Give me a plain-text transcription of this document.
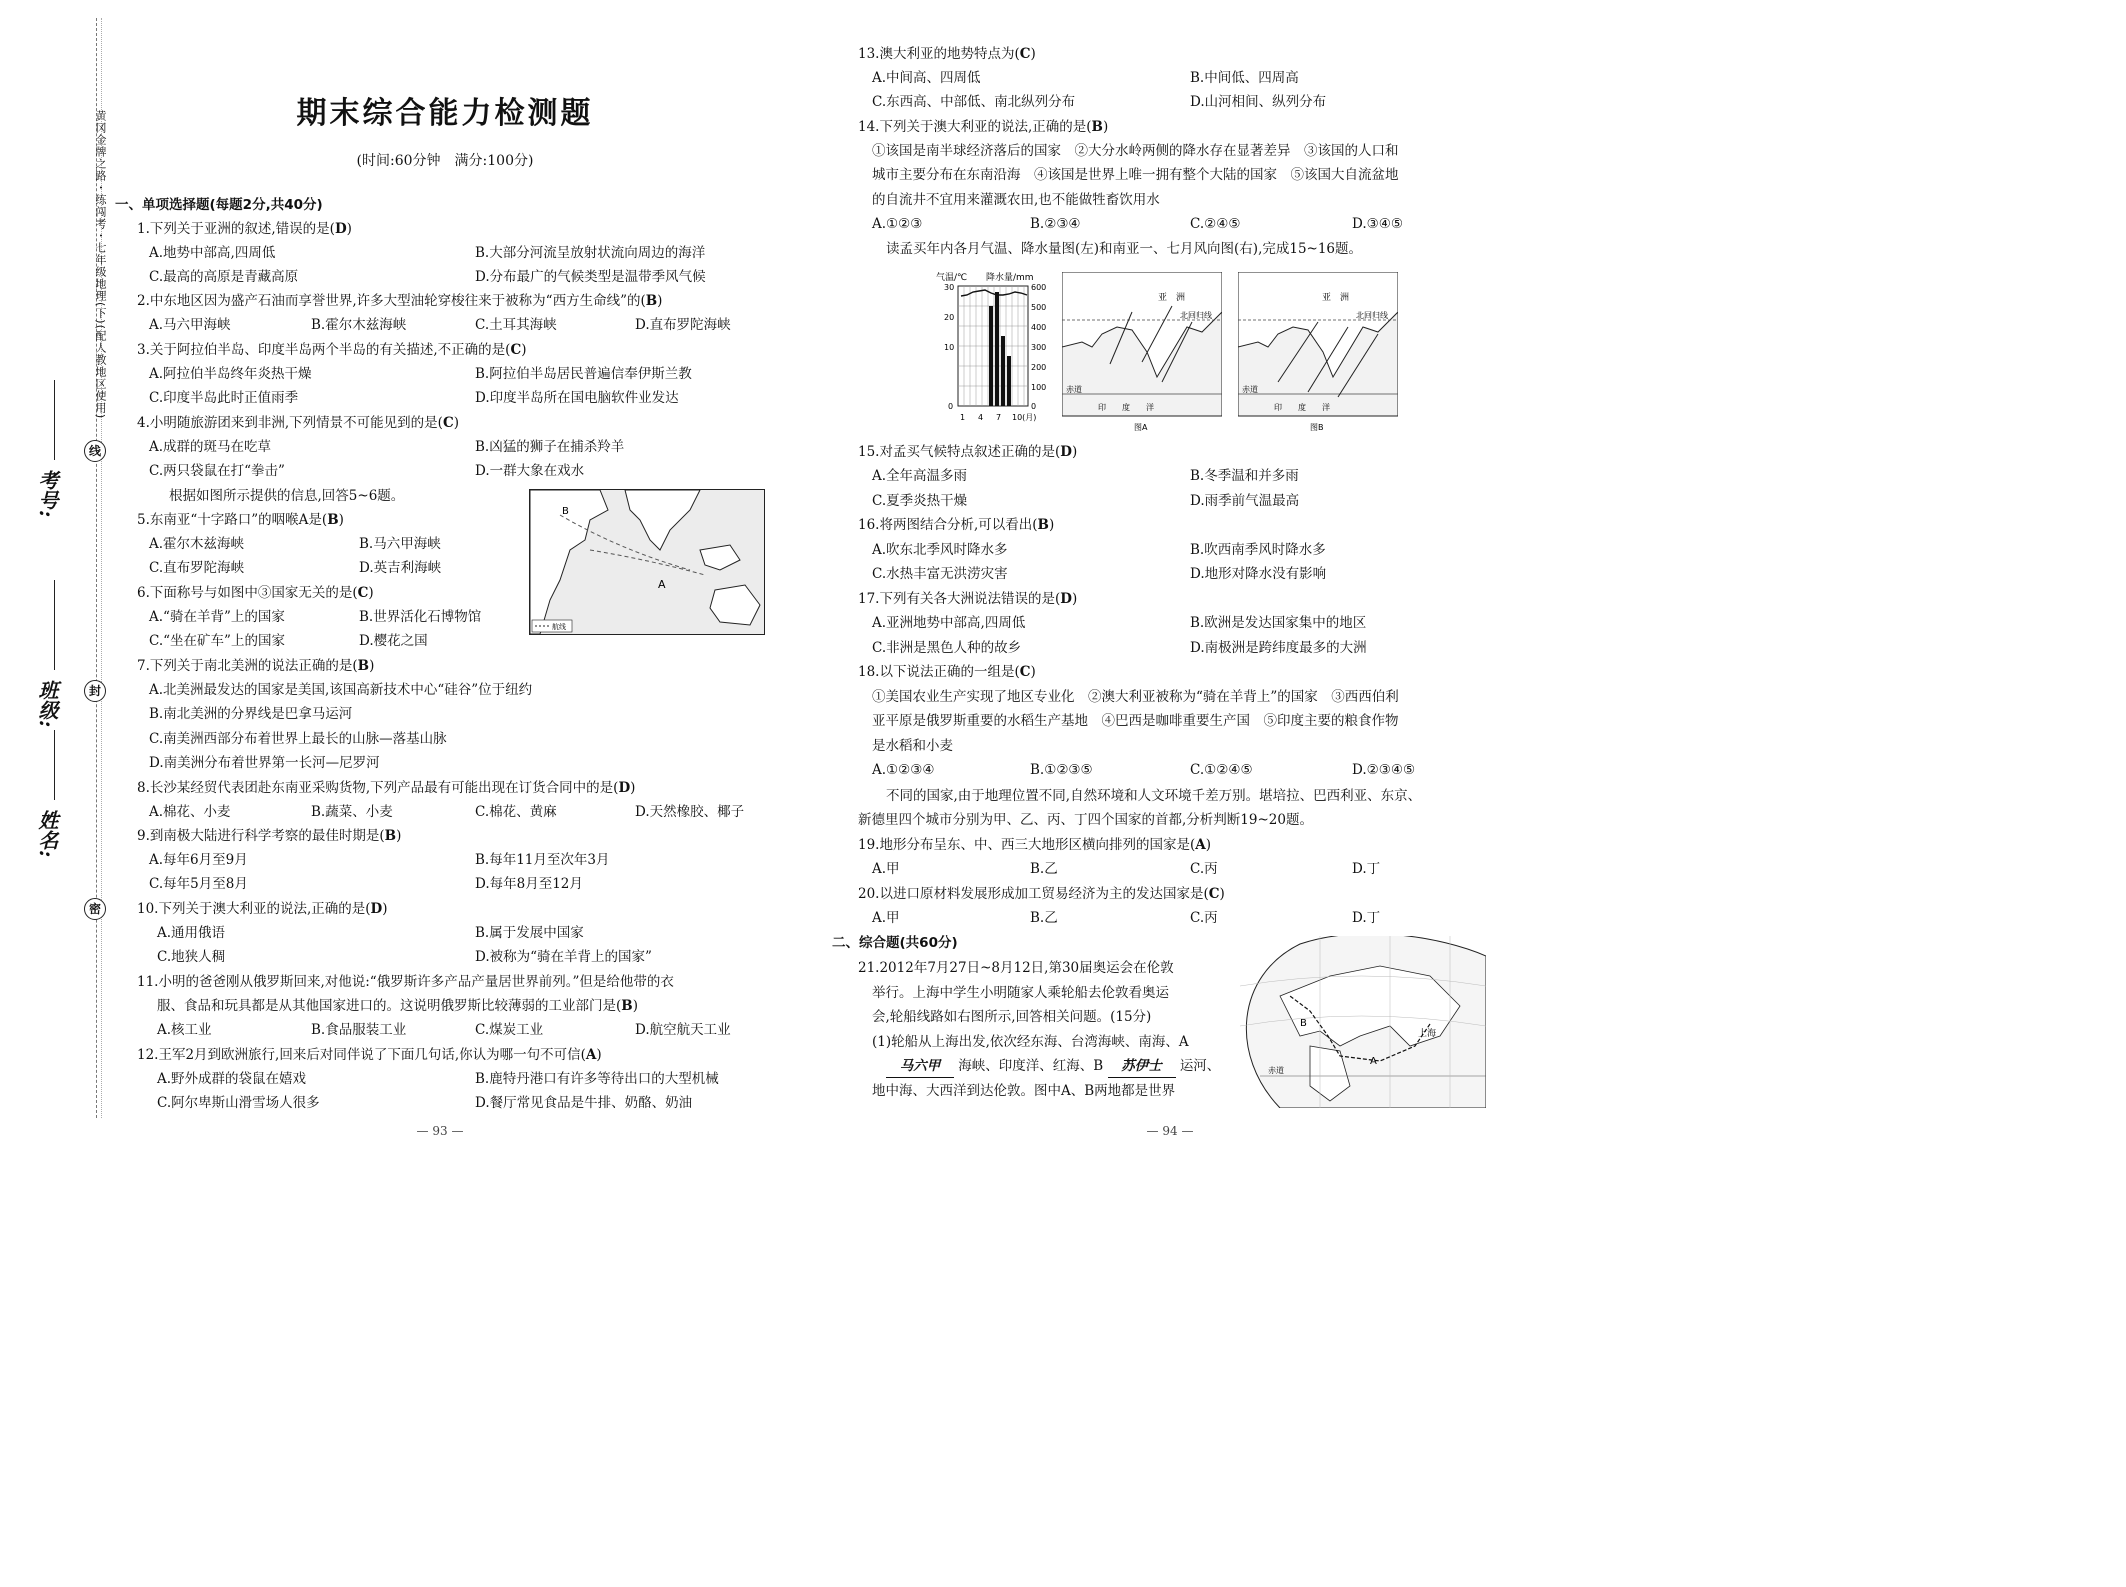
黄冈金牌之路・练闯考・七年级地理(下)(配人教地区使用)
线
封
密
考号:
班级:
姓名:
期末综合能力检测题
(时间:60分钟　满分:100分)
一、单项选择题(每题2分,共40分)
1.下列关于亚洲的叙述,错误的是(D)
A.地势中部高,四周低	B.大部分河流呈放射状流向周边的海洋
C.最高的高原是青藏高原	D.分布最广的气候类型是温带季风气候
2.中东地区因为盛产石油而享誉世界,许多大型油轮穿梭往来于被称为“西方生命线”的(B)
A.马六甲海峡	B.霍尔木兹海峡	C.土耳其海峡	D.直布罗陀海峡
3.关于阿拉伯半岛、印度半岛两个半岛的有关描述,不正确的是(C)
A.阿拉伯半岛终年炎热干燥	B.阿拉伯半岛居民普遍信奉伊斯兰教
C.印度半岛此时正值雨季	D.印度半岛所在国电脑软件业发达
4.小明随旅游团来到非洲,下列情景不可能见到的是(C)
A.成群的斑马在吃草	B.凶猛的狮子在捕杀羚羊
C.两只袋鼠在打“拳击”	D.一群大象在戏水
根据如图所示提供的信息,回答5~6题。
5.东南亚“十字路口”的咽喉A是(B)
A.霍尔木兹海峡	B.马六甲海峡
C.直布罗陀海峡	D.英吉利海峡
6.下面称号与如图中③国家无关的是(C)
A.“骑在羊背”上的国家	B.世界活化石博物馆
C.“坐在矿车”上的国家	D.樱花之国
A
B
航线
7.下列关于南北美洲的说法正确的是(B)
A.北美洲最发达的国家是美国,该国高新技术中心“硅谷”位于纽约
B.南北美洲的分界线是巴拿马运河
C.南美洲西部分布着世界上最长的山脉—落基山脉
D.南美洲分布着世界第一长河—尼罗河
8.长沙某经贸代表团赴东南亚采购货物,下列产品最有可能出现在订货合同中的是(D)
A.棉花、小麦	B.蔬菜、小麦	C.棉花、黄麻	D.天然橡胶、椰子
9.到南极大陆进行科学考察的最佳时期是(B)
A.每年6月至9月	B.每年11月至次年3月
C.每年5月至8月	D.每年8月至12月
10.下列关于澳大利亚的说法,正确的是(D)
A.通用俄语	B.属于发展中国家
C.地狭人稠	D.被称为“骑在羊背上的国家”
11.小明的爸爸刚从俄罗斯回来,对他说:“俄罗斯许多产品产量居世界前列。”但是给他带的衣
服、食品和玩具都是从其他国家进口的。这说明俄罗斯比较薄弱的工业部门是(B)
A.核工业	B.食品服装工业	C.煤炭工业	D.航空航天工业
12.王军2月到欧洲旅行,回来后对同伴说了下面几句话,你认为哪一句不可信(A)
A.野外成群的袋鼠在嬉戏	B.鹿特丹港口有许多等待出口的大型机械
C.阿尔卑斯山滑雪场人很多	D.餐厅常见食品是牛排、奶酪、奶油
— 93 —
13.澳大利亚的地势特点为(C)
A.中间高、四周低	B.中间低、四周高
C.东西高、中部低、南北纵列分布	D.山河相间、纵列分布
14.下列关于澳大利亚的说法,正确的是(B)
①该国是南半球经济落后的国家　②大分水岭两侧的降水存在显著差异　③该国的人口和
城市主要分布在东南沿海　④该国是世界上唯一拥有整个大陆的国家　⑤该国大自流盆地
的自流井不宜用来灌溉农田,也不能做牲畜饮用水
A.①②③	B.②③④	C.②④⑤	D.③④⑤
读孟买年内各月气温、降水量图(左)和南亚一、七月风向图(右),完成15~16题。
气温/℃ 降水量/mm
30
20
10
0
600
500
400
300
200
100
0
1 4 7 10(月)
亚　洲
北回归线
赤道
印　　度　　洋
图A
亚　洲
北回归线
赤道
印　　度　　洋
图B
15.对孟买气候特点叙述正确的是(D)
A.全年高温多雨	B.冬季温和并多雨
C.夏季炎热干燥	D.雨季前气温最高
16.将两图结合分析,可以看出(B)
A.吹东北季风时降水多	B.吹西南季风时降水多
C.水热丰富无洪涝灾害	D.地形对降水没有影响
17.下列有关各大洲说法错误的是(D)
A.亚洲地势中部高,四周低	B.欧洲是发达国家集中的地区
C.非洲是黑色人种的故乡	D.南极洲是跨纬度最多的大洲
18.以下说法正确的一组是(C)
①美国农业生产实现了地区专业化　②澳大利亚被称为“骑在羊背上”的国家　③西西伯利
亚平原是俄罗斯重要的水稻生产基地　④巴西是咖啡重要生产国　⑤印度主要的粮食作物
是水稻和小麦
A.①②③④	B.①②③⑤	C.①②④⑤	D.②③④⑤
不同的国家,由于地理位置不同,自然环境和人文环境千差万别。堪培拉、巴西利亚、东京、
新德里四个城市分别为甲、乙、丙、丁四个国家的首都,分析判断19~20题。
19.地形分布呈东、中、西三大地形区横向排列的国家是(A)
A.甲	B.乙	C.丙	D.丁
20.以进口原材料发展形成加工贸易经济为主的发达国家是(C)
A.甲	B.乙	C.丙	D.丁
二、综合题(共60分)
21.2012年7月27日~8月12日,第30届奥运会在伦敦
举行。上海中学生小明随家人乘轮船去伦敦看奥运
会,轮船线路如右图所示,回答相关问题。(15分)
(1)轮船从上海出发,依次经东海、台湾海峡、南海、A
马六甲 海峡、印度洋、红海、B 苏伊士 运河、
地中海、大西洋到达伦敦。图中A、B两地都是世界
B
A
上海
赤道
— 94 —
